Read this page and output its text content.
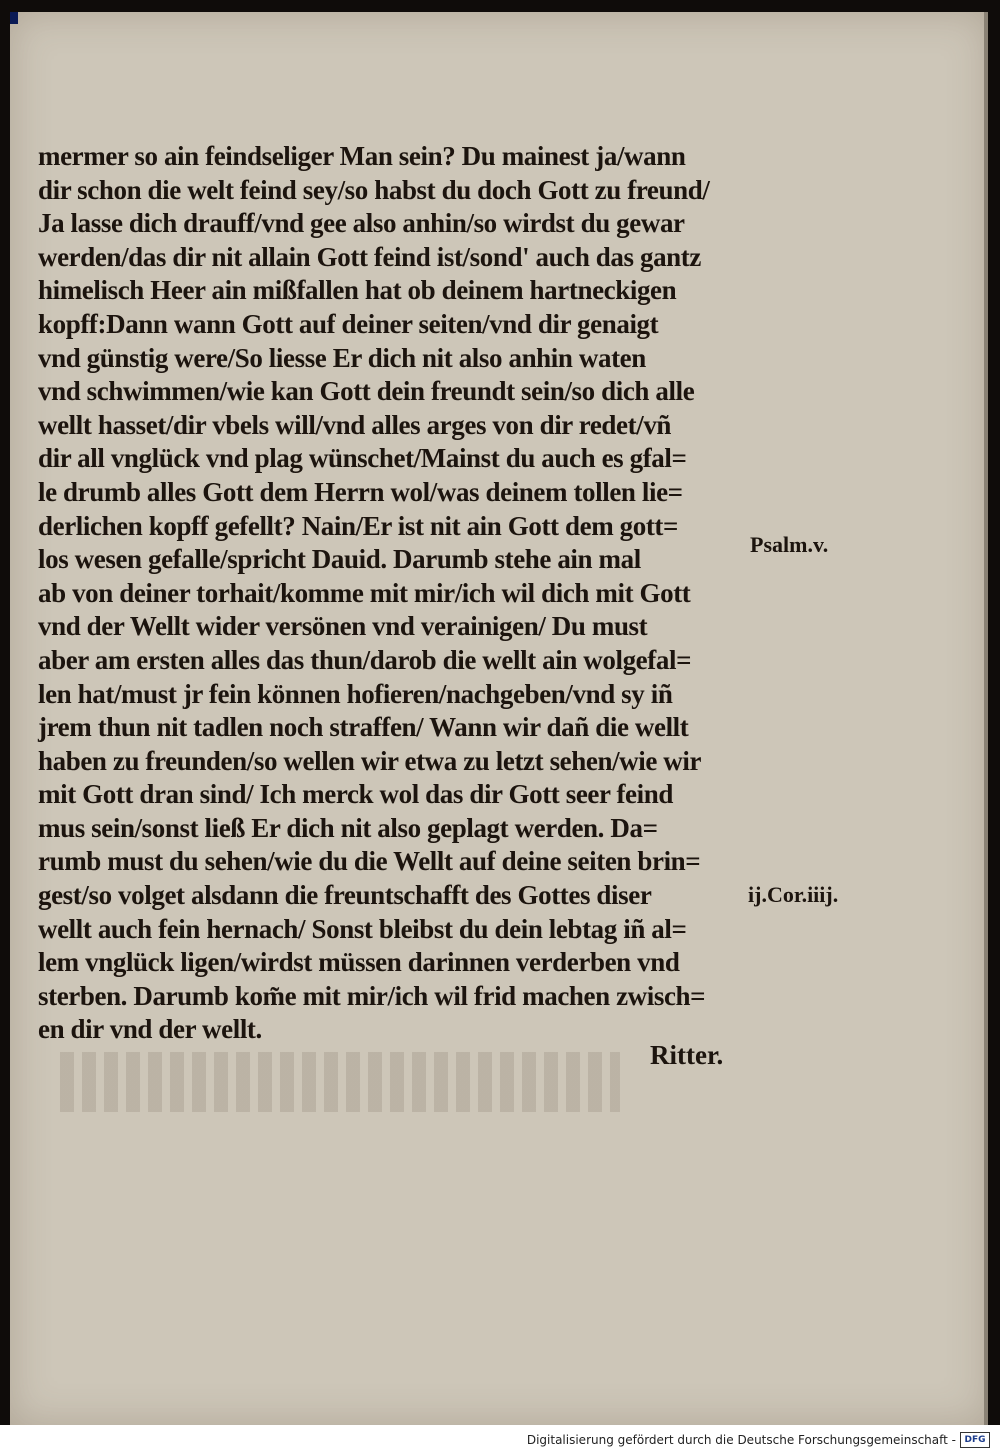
mermer so ain feindseliger Man sein? Du mainest ja/wann
dir schon die welt feind sey/so habst du doch Gott zu freund/
Ja lasse dich drauff/vnd gee also anhin/so wirdst du gewar
werden/das dir nit allain Gott feind ist/sond' auch das gantz
himelisch Heer ain mißfallen hat ob deinem hartneckigen
kopff:Dann wann Gott auf deiner seiten/vnd dir genaigt
vnd günstig were/So liesse Er dich nit also anhin waten
vnd schwimmen/wie kan Gott dein freundt sein/so dich alle
wellt hasset/dir vbels will/vnd alles arges von dir redet/vñ
dir all vnglück vnd plag wünschet/Mainst du auch es gfal=
le drumb alles Gott dem Herrn wol/was deinem tollen lie=
derlichen kopff gefellt? Nain/Er ist nit ain Gott dem gott=
los wesen gefalle/spricht Dauid. Darumb stehe ain mal
ab von deiner torhait/komme mit mir/ich wil dich mit Gott
vnd der Wellt wider versönen vnd verainigen/ Du must
aber am ersten alles das thun/darob die wellt ain wolgefal=
len hat/must jr fein können hofieren/nachgeben/vnd sy iñ
jrem thun nit tadlen noch straffen/ Wann wir dañ die wellt
haben zu freunden/so wellen wir etwa zu letzt sehen/wie wir
mit Gott dran sind/ Ich merck wol das dir Gott seer feind
mus sein/sonst ließ Er dich nit also geplagt werden. Da=
rumb must du sehen/wie du die Wellt auf deine seiten brin=
gest/so volget alsdann die freuntschafft des Gottes diser
wellt auch fein hernach/ Sonst bleibst du dein lebtag iñ al=
lem vnglück ligen/wirdst müssen darinnen verderben vnd
sterben. Darumb kom̃e mit mir/ich wil frid machen zwisch=
en dir vnd der wellt.
Psalm.v.
ij.Cor.iiij.
Ritter.
Digitalisierung gefördert durch die Deutsche Forschungsgemeinschaft - DFG
